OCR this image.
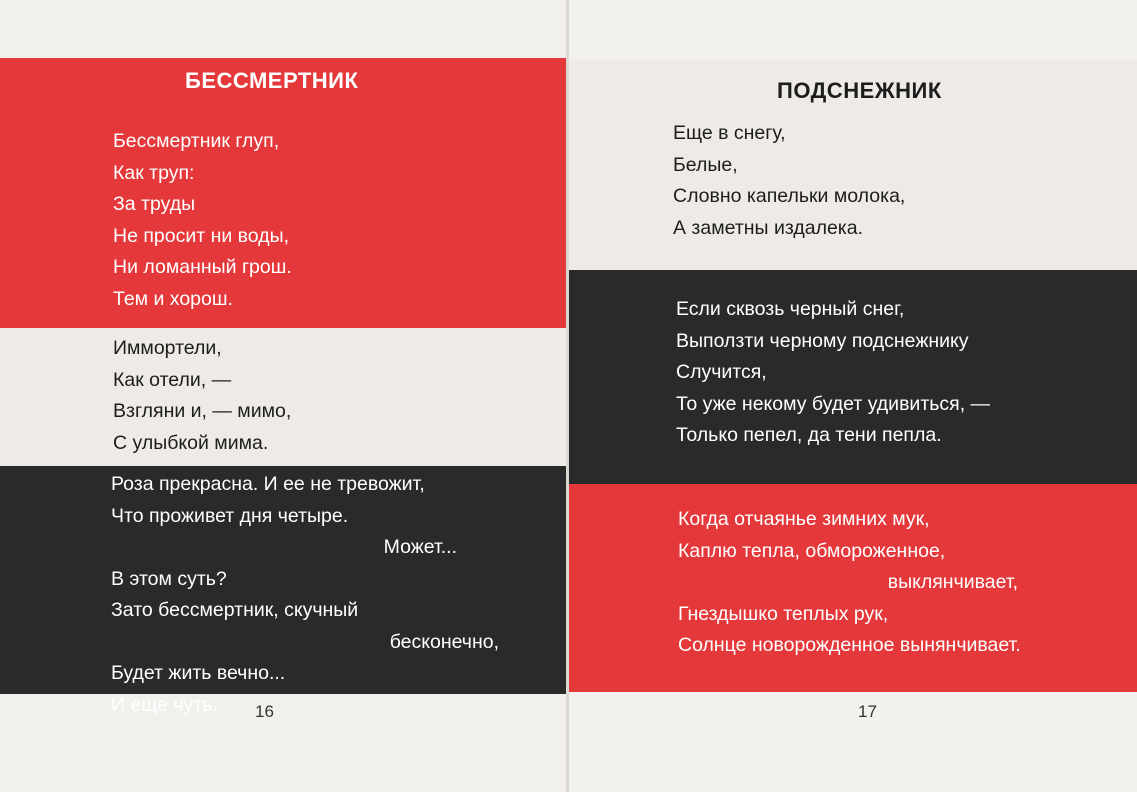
БЕССМЕРТНИК
Бессмертник глуп,
Как труп:
За труды
Не просит ни воды,
Ни ломанный грош.
Тем и хорош.
Иммортели,
Как отели, —
Взгляни и, — мимо,
С улыбкой мима.
Роза прекрасна. И ее не тревожит,
Что проживет дня четыре.
Может...
В этом суть?
Зато бессмертник, скучный
бесконечно,
Будет жить вечно...
И еще чуть.	16
ПОДСНЕЖНИК
Еще в снегу,
Белые,
Словно капельки молока,
А заметны издалека.
Если сквозь черный снег,
Выползти черному подснежнику
Случится,
То уже некому будет удивиться, —
Только пепел, да тени пепла.
Когда отчаянье зимних мук,
Каплю тепла, обмороженное,
выклянчивает,
Гнездышко теплых рук,
Солнце новорожденное вынянчивает.
17
